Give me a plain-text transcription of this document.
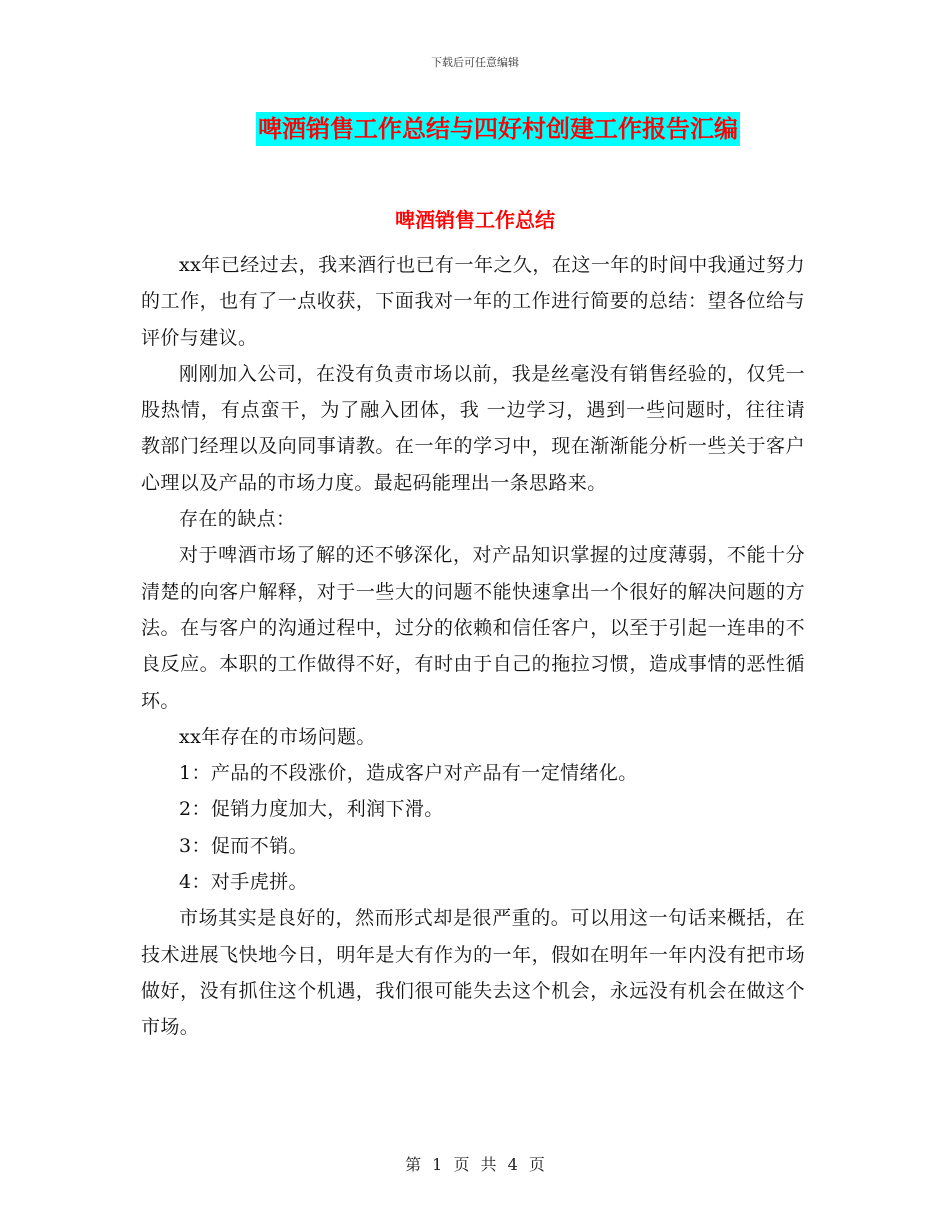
下载后可任意编辑
啤酒销售工作总结与四好村创建工作报告汇编
啤酒销售工作总结

xx年已经过去，我来酒行也已有一年之久，在这一年的时间中我通过努力的工作，也有了一点收获，下面我对一年的工作进行简要的总结：望各位给与评价与建议。

刚刚加入公司，在没有负责市场以前，我是丝毫没有销售经验的，仅凭一股热情，有点蛮干，为了融入团体，我 一边学习，遇到一些问题时，往往请教部门经理以及向同事请教。在一年的学习中，现在渐渐能分析一些关于客户心理以及产品的市场力度。最起码能理出一条思路来。

存在的缺点：

对于啤酒市场了解的还不够深化，对产品知识掌握的过度薄弱，不能十分清楚的向客户解释，对于一些大的问题不能快速拿出一个很好的解决问题的方法。在与客户的沟通过程中，过分的依赖和信任客户，以至于引起一连串的不良反应。本职的工作做得不好，有时由于自己的拖拉习惯，造成事情的恶性循环。

xx年存在的市场问题。

1：产品的不段涨价，造成客户对产品有一定情绪化。

2：促销力度加大，利润下滑。

3：促而不销。

4：对手虎拼。

市场其实是良好的，然而形式却是很严重的。可以用这一句话来概括，在技术进展飞快地今日，明年是大有作为的一年，假如在明年一年内没有把市场做好，没有抓住这个机遇，我们很可能失去这个机会，永远没有机会在做这个市场。

第 1 页 共 4 页
